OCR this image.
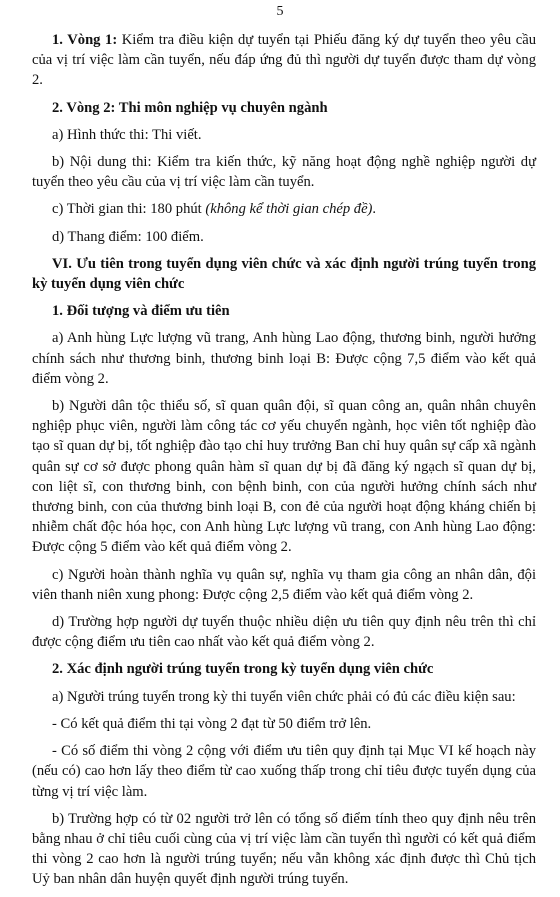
5

1. Vòng 1: Kiểm tra điều kiện dự tuyển tại Phiếu đăng ký dự tuyển theo yêu cầu của vị trí việc làm cần tuyển, nếu đáp ứng đủ thì người dự tuyển được tham dự vòng 2.

2. Vòng 2: Thi môn nghiệp vụ chuyên ngành

a) Hình thức thi: Thi viết.

b) Nội dung thi: Kiểm tra kiến thức, kỹ năng hoạt động nghề nghiệp người dự tuyển theo yêu cầu của vị trí việc làm cần tuyển.

c) Thời gian thi: 180 phút (không kể thời gian chép đề).

d) Thang điểm: 100 điểm.

VI. Ưu tiên trong tuyển dụng viên chức và xác định người trúng tuyển trong kỳ tuyển dụng viên chức

1. Đối tượng và điểm ưu tiên

a) Anh hùng Lực lượng vũ trang, Anh hùng Lao động, thương binh, người hưởng chính sách như thương binh, thương binh loại B: Được cộng 7,5 điểm vào kết quả điểm vòng 2.

b) Người dân tộc thiểu số, sĩ quan quân đội, sĩ quan công an, quân nhân chuyên nghiệp phục viên, người làm công tác cơ yếu chuyển ngành, học viên tốt nghiệp đào tạo sĩ quan dự bị, tốt nghiệp đào tạo chỉ huy trưởng Ban chỉ huy quân sự cấp xã ngành quân sự cơ sở được phong quân hàm sĩ quan dự bị đã đăng ký ngạch sĩ quan dự bị, con liệt sĩ, con thương binh, con bệnh binh, con của người hưởng chính sách như thương binh, con của thương binh loại B, con đẻ của người hoạt động kháng chiến bị nhiễm chất độc hóa học, con Anh hùng Lực lượng vũ trang, con Anh hùng Lao động: Được cộng 5 điểm vào kết quả điểm vòng 2.

c) Người hoàn thành nghĩa vụ quân sự, nghĩa vụ tham gia công an nhân dân, đội viên thanh niên xung phong: Được cộng 2,5 điểm vào kết quả điểm vòng 2.

d) Trường hợp người dự tuyển thuộc nhiều diện ưu tiên quy định nêu trên thì chỉ được cộng điểm ưu tiên cao nhất vào kết quả điểm vòng 2.

2. Xác định người trúng tuyển trong kỳ tuyển dụng viên chức

a) Người trúng tuyển trong kỳ thi tuyển viên chức phải có đủ các điều kiện sau:

- Có kết quả điểm thi tại vòng 2 đạt từ 50 điểm trở lên.

- Có số điểm thi vòng 2 cộng với điểm ưu tiên quy định tại Mục VI kế hoạch này (nếu có) cao hơn lấy theo điểm từ cao xuống thấp trong chỉ tiêu được tuyển dụng của từng vị trí việc làm.

b) Trường hợp có từ 02 người trở lên có tổng số điểm tính theo quy định nêu trên bằng nhau ở chỉ tiêu cuối cùng của vị trí việc làm cần tuyển thì người có kết quả điểm thi vòng 2 cao hơn là người trúng tuyển; nếu vẫn không xác định được thì Chủ tịch Uỷ ban nhân dân huyện quyết định người trúng tuyển.
